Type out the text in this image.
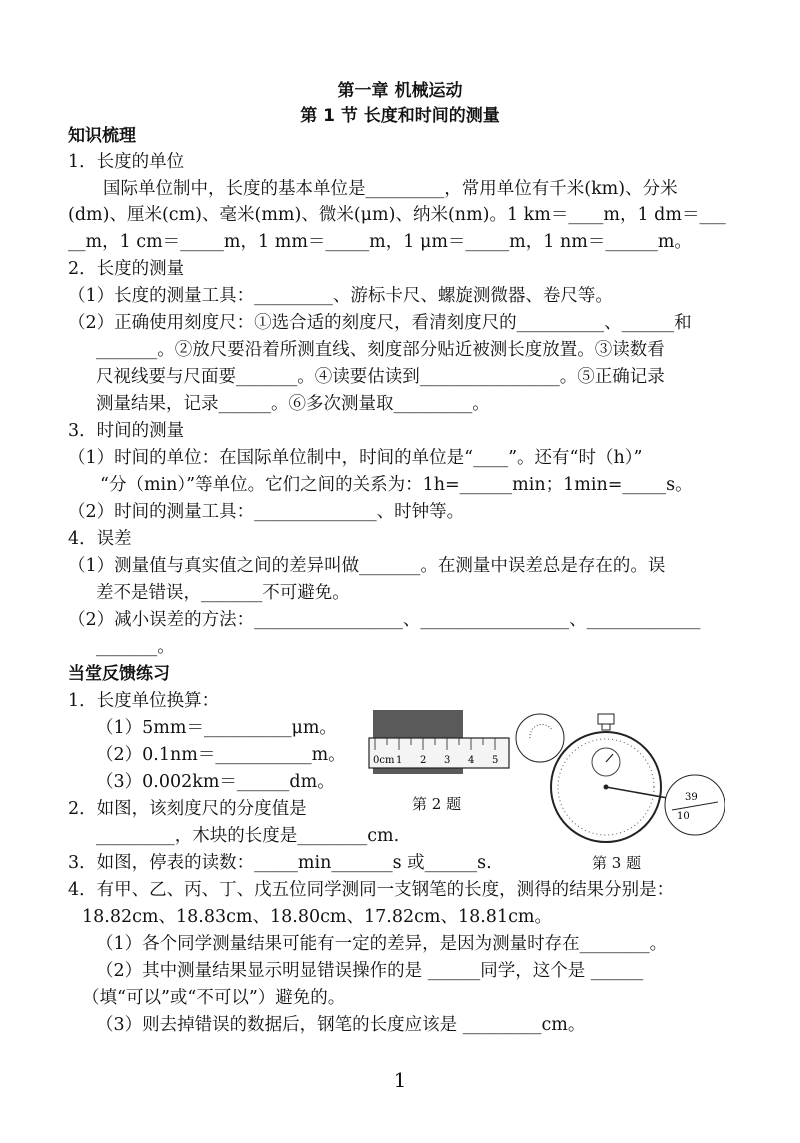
第一章 机械运动
第 1 节 长度和时间的测量
知识梳理
1．长度的单位
国际单位制中，长度的基本单位是_________，常用单位有千米(km)、分米
(dm)、厘米(cm)、毫米(mm)、微米(μm)、纳米(nm)。1 km＝____m，1 dm＝___
__m，1 cm＝_____m，1 mm＝_____m，1 μm＝_____m，1 nm＝______m。
2．长度的测量
（1）长度的测量工具：_________、游标卡尺、螺旋测微器、卷尺等。
（2）正确使用刻度尺：①选合适的刻度尺，看清刻度尺的__________、______和
_______。②放尺要沿着所测直线、刻度部分贴近被测长度放置。③读数看
尺视线要与尺面要_______。④读要估读到________________。⑤正确记录
测量结果，记录______。⑥多次测量取_________。
3．时间的测量
（1）时间的单位：在国际单位制中，时间的单位是“____”。还有“时（h）”
“分（min）”等单位。它们之间的关系为：1h=______min；1min=_____s。
（2）时间的测量工具：______________、时钟等。
4．误差
（1）测量值与真实值之间的差异叫做_______。在测量中误差总是存在的。误
差不是错误，_______不可避免。
（2）减小误差的方法：_________________、_________________、_____________
_______。
当堂反馈练习
1．长度单位换算：
（1）5mm＝__________μm。
（2）0.1nm＝___________m。
（3）0.002km＝______dm。
2．如图，该刻度尺的分度值是
_________，木块的长度是________cm.
3．如图，停表的读数：_____min_______s 或______s.
4．有甲、乙、丙、丁、戊五位同学测同一支钢笔的长度，测得的结果分别是：
18.82cm、18.83cm、18.80cm、17.82cm、18.81cm。
（1）各个同学测量结果可能有一定的差异，是因为测量时存在________。
（2）其中测量结果显示明显错误操作的是 ______同学，这个是 ______
（填“可以”或“不可以”）避免的。
（3）则去掉错误的数据后，钢笔的长度应该是 _________cm。
0cm 1 2 3 4 5
第 2 题	39
10
第 3 题
1
